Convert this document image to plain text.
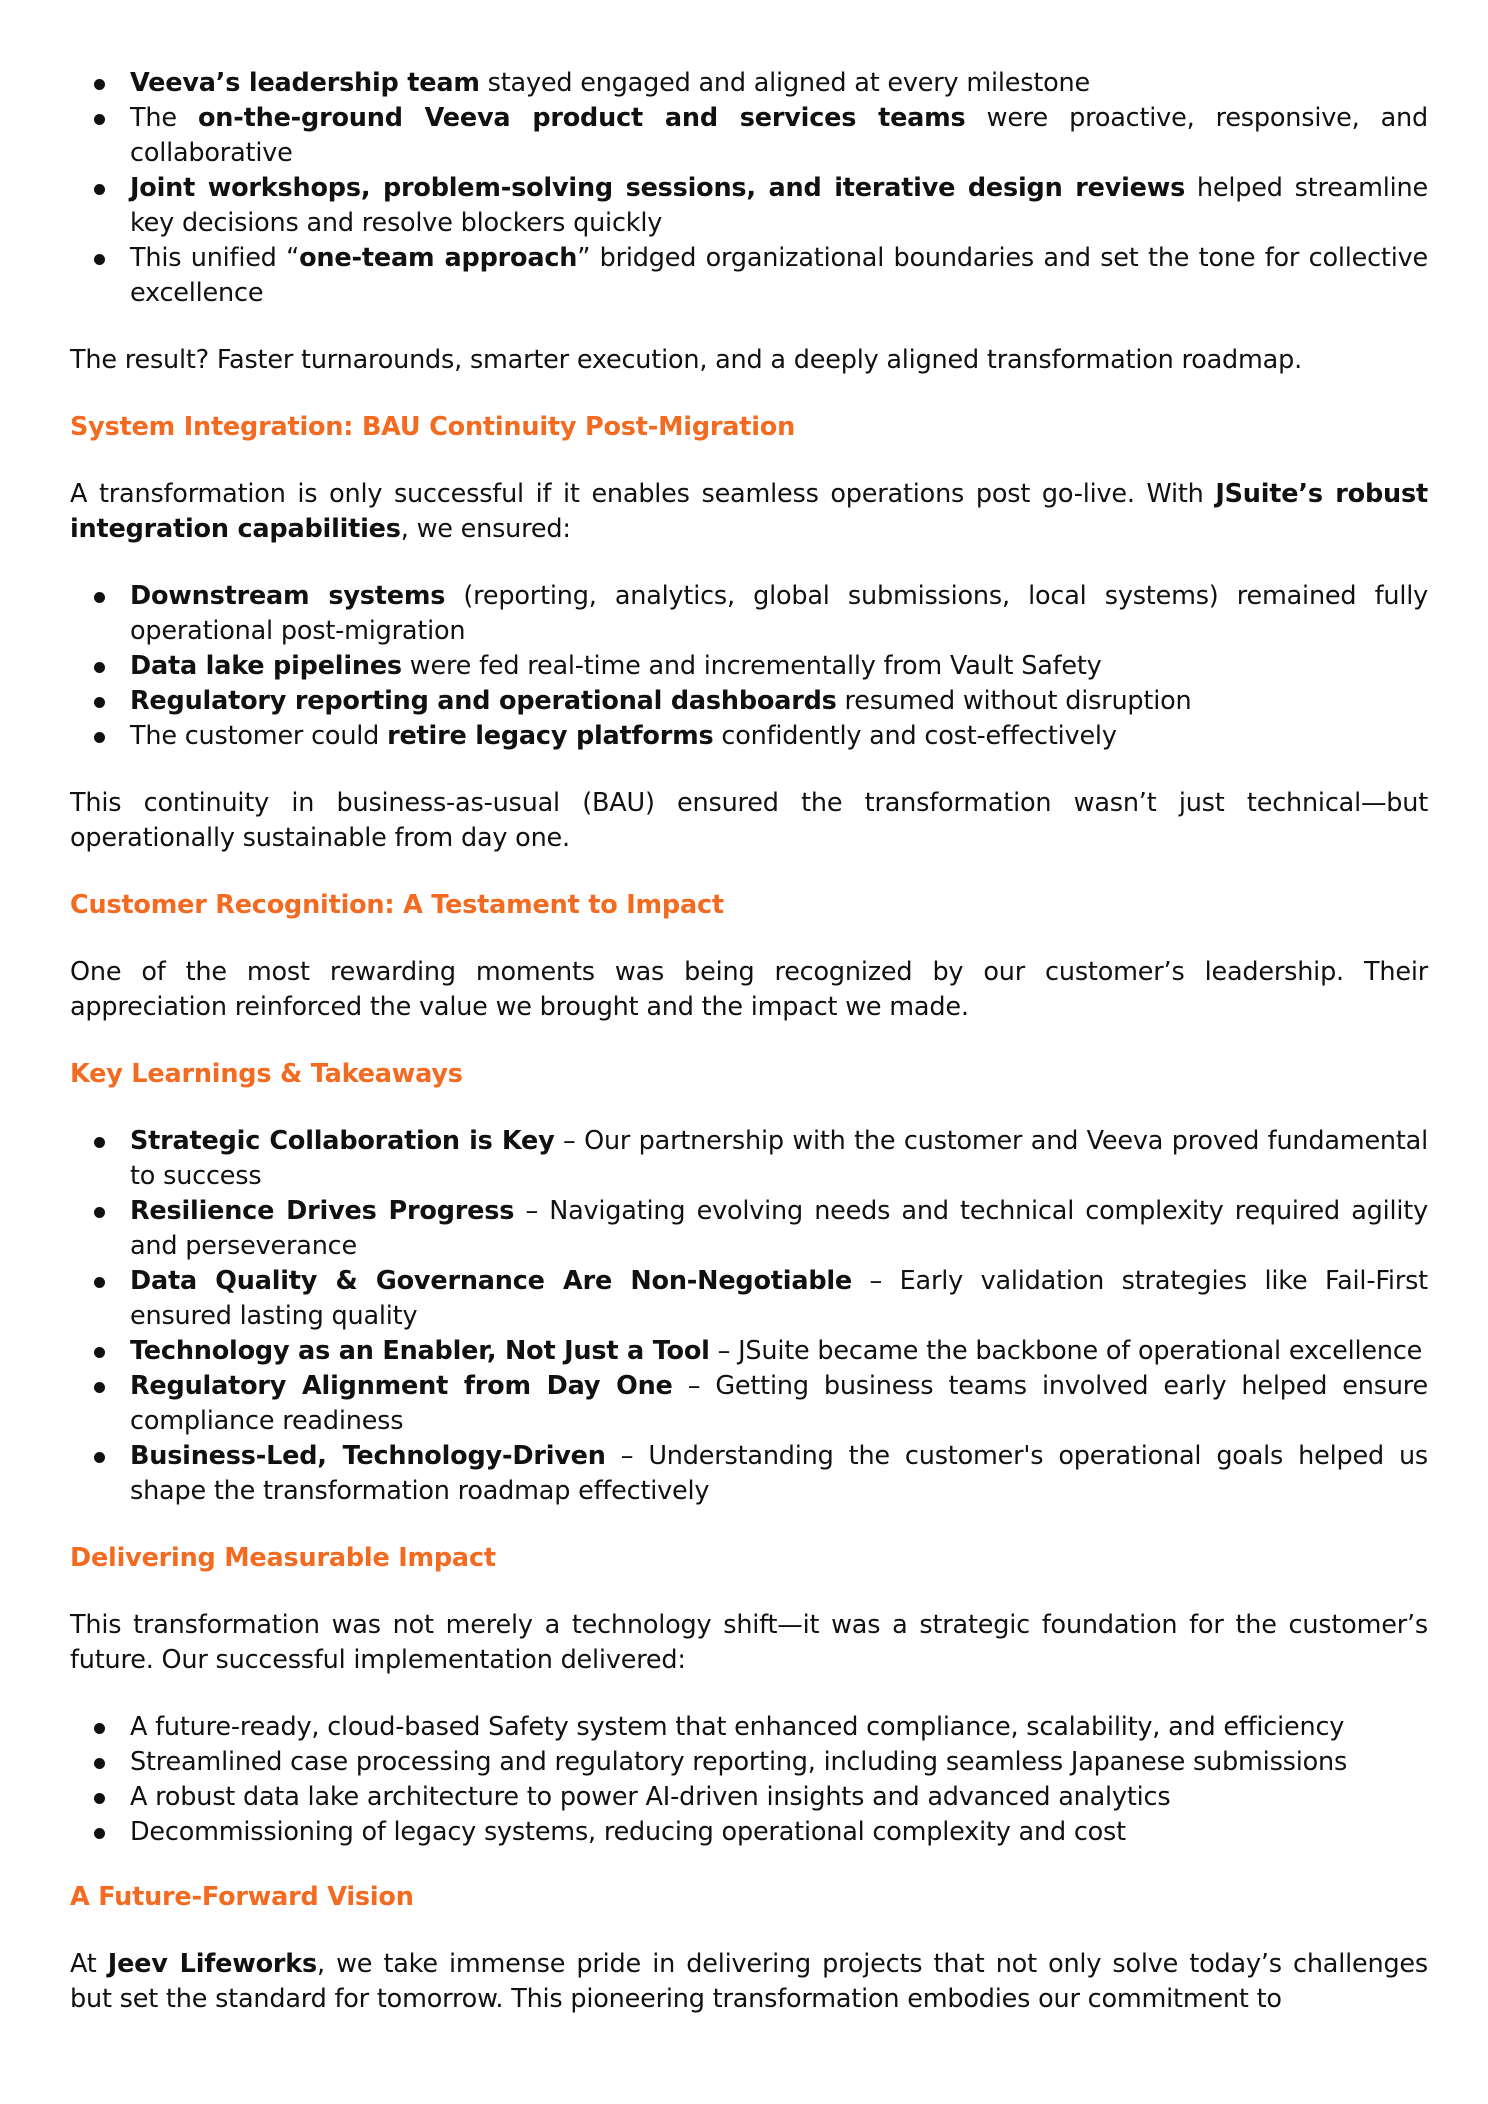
Veeva’s leadership team stayed engaged and aligned at every milestone
The on-the-ground Veeva product and services teams were proactive, responsive, and collaborative
Joint workshops, problem-solving sessions, and iterative design reviews helped streamline key decisions and resolve blockers quickly
This unified “one-team approach” bridged organizational boundaries and set the tone for collective excellence

The result? Faster turnarounds, smarter execution, and a deeply aligned transformation roadmap.

System Integration: BAU Continuity Post-Migration

A transformation is only successful if it enables seamless operations post go-live. With JSuite’s robust integration capabilities, we ensured:

Downstream systems (reporting, analytics, global submissions, local systems) remained fully operational post-migration
Data lake pipelines were fed real-time and incrementally from Vault Safety
Regulatory reporting and operational dashboards resumed without disruption
The customer could retire legacy platforms confidently and cost-effectively

This continuity in business-as-usual (BAU) ensured the transformation wasn’t just technical—but operationally sustainable from day one.

Customer Recognition: A Testament to Impact

One of the most rewarding moments was being recognized by our customer’s leadership. Their appreciation reinforced the value we brought and the impact we made.

Key Learnings & Takeaways
Strategic Collaboration is Key – Our partnership with the customer and Veeva proved fundamental to success
Resilience Drives Progress – Navigating evolving needs and technical complexity required agility and perseverance
Data Quality & Governance Are Non-Negotiable – Early validation strategies like Fail-First ensured lasting quality
Technology as an Enabler, Not Just a Tool – JSuite became the backbone of operational excellence
Regulatory Alignment from Day One – Getting business teams involved early helped ensure compliance readiness
Business-Led, Technology-Driven – Understanding the customer's operational goals helped us shape the transformation roadmap effectively
Delivering Measurable Impact

This transformation was not merely a technology shift—it was a strategic foundation for the customer’s future. Our successful implementation delivered:

A future-ready, cloud-based Safety system that enhanced compliance, scalability, and efficiency
Streamlined case processing and regulatory reporting, including seamless Japanese submissions
A robust data lake architecture to power AI-driven insights and advanced analytics
Decommissioning of legacy systems, reducing operational complexity and cost
A Future-Forward Vision

At Jeev Lifeworks, we take immense pride in delivering projects that not only solve today’s challenges but set the standard for tomorrow. This pioneering transformation embodies our commitment to
